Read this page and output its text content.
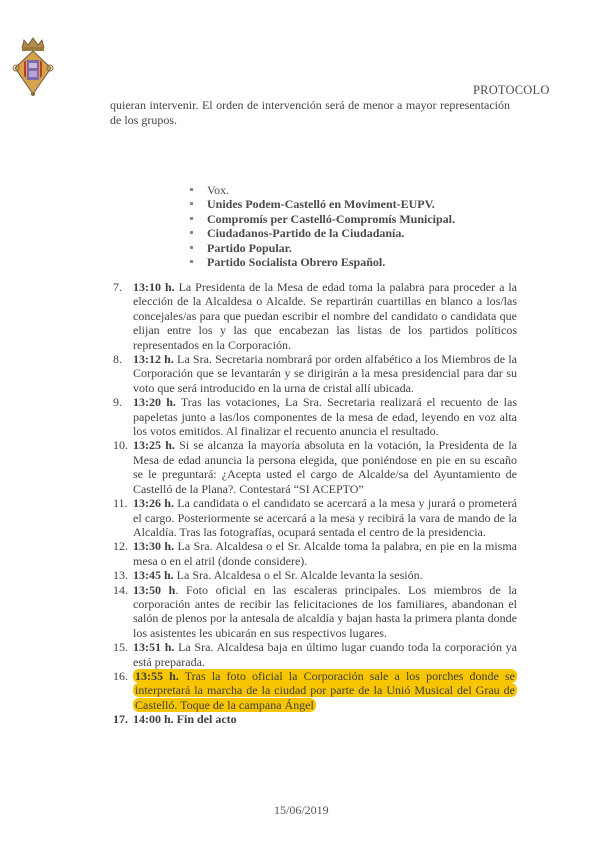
PROTOCOLO

quieran intervenir. El orden de intervención será de menor a mayor representación de los grupos.

Vox.
Unides Podem-Castelló en Moviment-EUPV.
Compromís per Castelló-Compromís Municipal.
Ciudadanos-Partido de la Ciudadanía.
Partido Popular.
Partido Socialista Obrero Español.
7. 13:10 h. La Presidenta de la Mesa de edad toma la palabra para proceder a la elección de la Alcaldesa o Alcalde. Se repartirán cuartillas en blanco a los/las concejales/as para que puedan escribir el nombre del candidato o candidata que elijan entre los y las que encabezan las listas de los partidos políticos representados en la Corporación.
8. 13:12 h. La Sra. Secretaria nombrará por orden alfabético a los Miembros de la Corporación que se levantarán y se dirigirán a la mesa presidencial para dar su voto que será introducido en la urna de cristal allí ubicada.
9. 13:20 h. Tras las votaciones, La Sra. Secretaria realizará el recuento de las papeletas junto a las/los componentes de la mesa de edad, leyendo en voz alta los votos emitidos. Al finalizar el recuento anuncia el resultado.
10. 13:25 h. Si se alcanza la mayoría absoluta en la votación, la Presidenta de la Mesa de edad anuncia la persona elegida, que poniéndose en pie en su escaño se le preguntará: ¿Acepta usted el cargo de Alcalde/sa del Ayuntamiento de Castelló de la Plana?. Contestará “SI ACEPTO”
11. 13:26 h. La candidata o el candidato se acercará a la mesa y jurará o prometerá el cargo. Posteriormente se acercará a la mesa y recibirá la vara de mando de la Alcaldía. Tras las fotografías, ocupará sentada el centro de la presidencia.
12. 13:30 h. La Sra. Alcaldesa o el Sr. Alcalde toma la palabra, en pie en la misma mesa o en el atril (donde considere).
13. 13:45 h. La Sra. Alcaldesa o el Sr. Alcalde levanta la sesión.
14. 13:50 h. Foto oficial en las escaleras principales. Los miembros de la corporación antes de recibir las felicitaciones de los familiares, abandonan el salón de plenos por la antesala de alcaldía y bajan hasta la primera planta donde los asistentes les ubicarán en sus respectivos lugares.
15. 13:51 h. La Sra. Alcaldesa baja en último lugar cuando toda la corporación ya está preparada.
16. 13:55 h. Tras la foto oficial la Corporación sale a los porches donde se interpretará la marcha de la ciudad por parte de la Unió Musical del Grau de Castelló. Toque de la campana Ángel
17. 14:00 h. Fin del acto
15/06/2019
